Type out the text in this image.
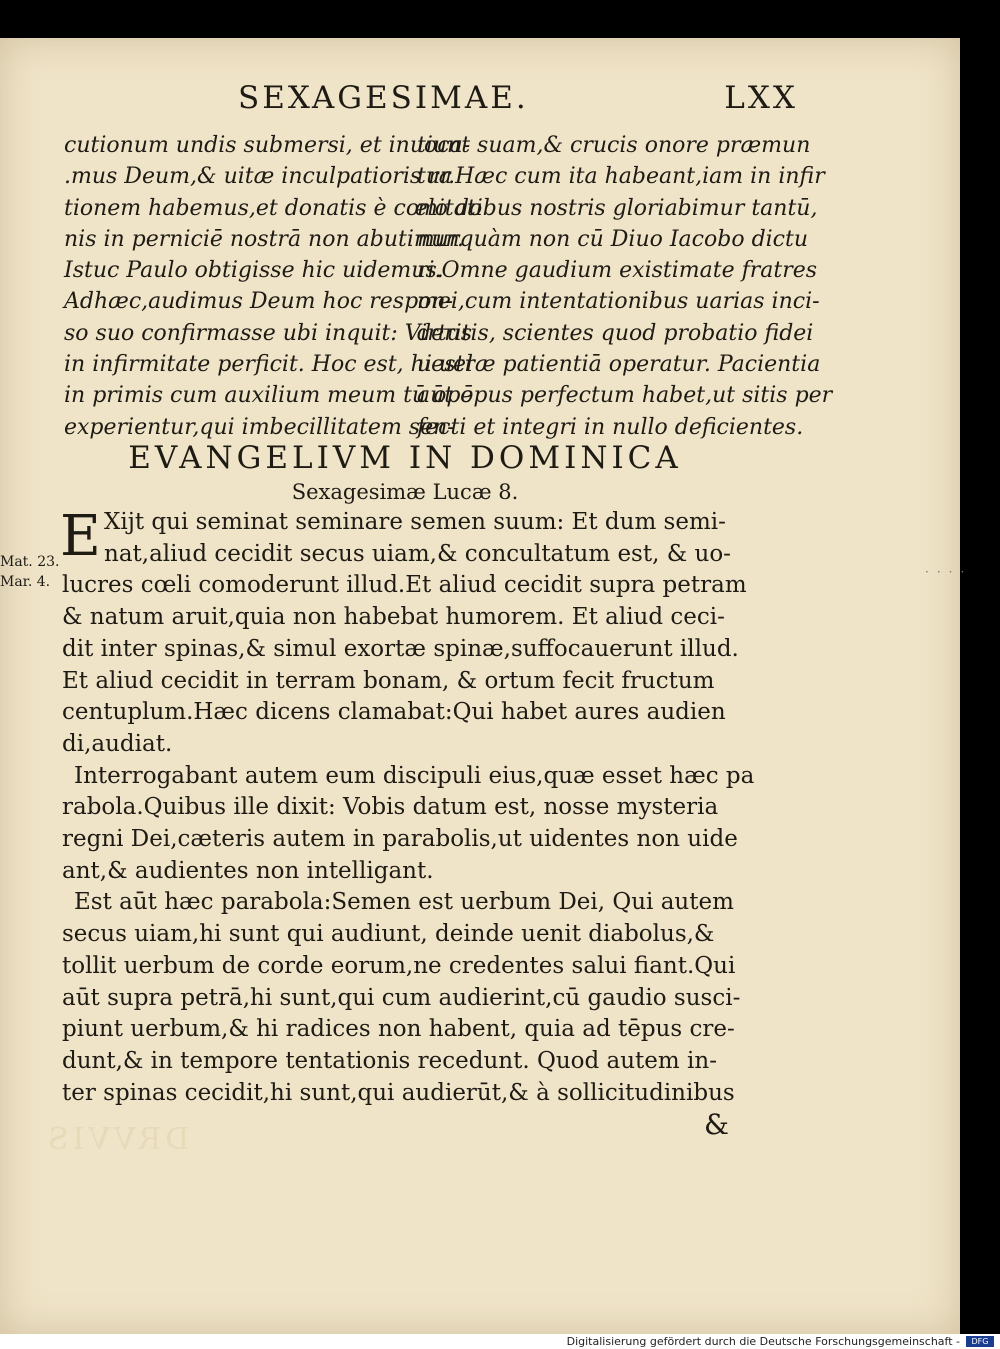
SEXAGESIMAE.	LXX
cutionum undis submersi, et inuoca-
.mus Deum,& uitæ inculpatioris ra
tionem habemus,et donatis è cœlo do
nis in perniciē nostrā non abutimur.
Istuc Paulo obtigisse hic uidemus.
Adhæc,audimus Deum hoc respon-
so suo confirmasse ubi inquit: Virtus
in infirmitate perficit. Hoc est, hi uel
in primis cum auxilium meum tū opē
experientur,qui imbecillitatem sen-
tiunt suam,& crucis onore præmun
tur.Hæc cum ita habeant,iam in infir
mitatibus nostris gloriabimur tantū,
nunquàm non cū Diuo Iacobo dictu
ri.Omne gaudium existimate fratres
mei,cum intentationibus uarias inci-
deritis, scientes quod probatio fidei
uestræ patientiā operatur. Pacientia
aūt opus perfectum habet,ut sitis per
fecti et integri in nullo deficientes.
EVANGELIVM IN DOMINICA
Sexagesimæ Lucæ 8.
Mat. 23.
Mar. 4.
E Xijt qui seminat seminare semen suum: Et dum semi-
nat,aliud cecidit secus uiam,& concultatum est, & uo-
lucres cœli comoderunt illud.Et aliud cecidit supra petram
& natum aruit,quia non habebat humorem. Et aliud ceci-
dit inter spinas,& simul exortæ spinæ,suffocauerunt illud.
Et aliud cecidit in terram bonam, & ortum fecit fructum
centuplum.Hæc dicens clamabat:Qui habet aures audien
di,audiat.
Interrogabant autem eum discipuli eius,quæ esset hæc pa
rabola.Quibus ille dixit: Vobis datum est, nosse mysteria
regni Dei,cæteris autem in parabolis,ut uidentes non uide
ant,& audientes non intelligant.
Est aūt hæc parabola:Semen est uerbum Dei, Qui autem
secus uiam,hi sunt qui audiunt, deinde uenit diabolus,&
tollit uerbum de corde eorum,ne credentes salui fiant.Qui
aūt supra petrā,hi sunt,qui cum audierint,cū gaudio susci-
piunt uerbum,& hi radices non habent, quia ad tēpus cre-
dunt,& in tempore tentationis recedunt. Quod autem in-
ter spinas cecidit,hi sunt,qui audierūt,& à sollicitudinibus
&
DRVVIS
····
Digitalisierung gefördert durch die Deutsche Forschungsgemeinschaft -	DFG
